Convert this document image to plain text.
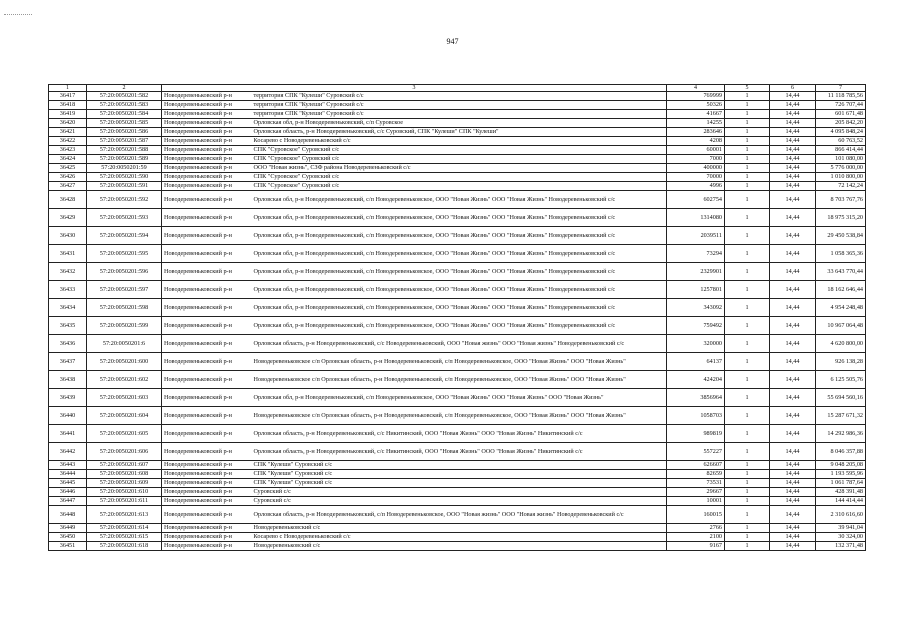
947
1	2	3	4	5	6	7
36417	57:20:0050201:582	Новодеревеньковский р-н территория СПК "Кулеши" Суровский с/с	769999	1	14,44	11 118 785,56
36418	57:20:0050201:583	Новодеревеньковский р-н территория СПК "Кулеши" Суровский с/с	50326	1	14,44	726 707,44
36419	57:20:0050201:584	Новодеревеньковский р-н территория СПК "Кулеши" Суровский с/с	41667	1	14,44	601 671,48
36420	57:20:0050201:585	Новодеревеньковский р-н Орловская обл, р-н Новодеревеньковский, с/п Суровское	14255	1	14,44	205 842,20
36421	57:20:0050201:586	Новодеревеньковский р-н Орловская область, р-н Новодеревеньковский, с/с Суровский, СПК "Кулеши" СПК "Кулеши"	283646	1	14,44	4 095 848,24
36422	57:20:0050201:587	Новодеревеньковский р-н Косарево с Новодеревеньковский с/с	4208	1	14,44	60 763,52
36423	57:20:0050201:588	Новодеревеньковский р-н СПК "Суровское" Суровский с/с	60001	1	14,44	866 414,44
36424	57:20:0050201:589	Новодеревеньковский р-н СПК "Суровское" Суровский с/с	7000	1	14,44	101 080,00
36425	57:20:0050201:59	Новодеревеньковский р-н ООО "Новая жизнь", СЗФ района Новодеревеньковский с/с	400000	1	14,44	5 776 000,00
36426	57:20:0050201:590	Новодеревеньковский р-н СПК "Суровское" Суровский с/с	70000	1	14,44	1 010 800,00
36427	57:20:0050201:591	Новодеревеньковский р-н СПК "Суровское" Суровский с/с	4996	1	14,44	72 142,24
36428	57:20:0050201:592	Новодеревеньковский р-н Орловская обл, р-н Новодеревеньковский, с/п Новодеревеньковское, ООО "Новая Жизнь" ООО "Новая Жизнь" Новодеревеньковский с/с	602754	1	14,44	8 703 767,76
36429	57:20:0050201:593	Новодеревеньковский р-н Орловская обл, р-н Новодеревеньковский, с/п Новодеревеньковское, ООО "Новая Жизнь" ООО "Новая Жизнь" Новодеревеньковский с/с	1314080	1	14,44	18 975 315,20
36430	57:20:0050201:594	Новодеревеньковский р-н Орловская обл, р-н Новодеревеньковский, с/п Новодеревеньковское, ООО "Новая Жизнь" ООО "Новая Жизнь" Новодеревеньковский с/с	2039511	1	14,44	29 450 538,84
36431	57:20:0050201:595	Новодеревеньковский р-н Орловская обл, р-н Новодеревеньковский, с/п Новодеревеньковское, ООО "Новая Жизнь" ООО "Новая Жизнь" Новодеревеньковский с/с	73294	1	14,44	1 058 365,36
36432	57:20:0050201:596	Новодеревеньковский р-н Орловская обл, р-н Новодеревеньковский, с/п Новодеревеньковское, ООО "Новая Жизнь" ООО "Новая Жизнь" Новодеревеньковский с/с	2329901	1	14,44	33 643 770,44
36433	57:20:0050201:597	Новодеревеньковский р-н Орловская обл, р-н Новодеревеньковский, с/п Новодеревеньковское, ООО "Новая Жизнь" ООО "Новая Жизнь" Новодеревеньковский с/с	1257801	1	14,44	18 162 646,44
36434	57:20:0050201:598	Новодеревеньковский р-н Орловская обл, р-н Новодеревеньковский, с/п Новодеревеньковское, ООО "Новая Жизнь" ООО "Новая Жизнь" Новодеревеньковский с/с	343092	1	14,44	4 954 248,48
36435	57:20:0050201:599	Новодеревеньковский р-н Орловская обл, р-н Новодеревеньковский, с/п Новодеревеньковское, ООО "Новая Жизнь" ООО "Новая Жизнь" Новодеревеньковский с/с	759492	1	14,44	10 967 064,48
36436	57:20:0050201:6	Новодеревеньковский р-н Орловская область, р-н Новодеревеньковский, с/с Новодеревеньковский, ООО "Новая жизнь" ООО "Новая жизнь" Новодеревеньковский с/с	320000	1	14,44	4 620 800,00
36437	57:20:0050201:600	Новодеревеньковский р-н Новодеревеньковское с/п Орловская область, р-н Новодеревеньковский, с/п Новодеревеньковское, ООО "Новая Жизнь" ООО "Новая Жизнь"	64137	1	14,44	926 138,28
36438	57:20:0050201:602	Новодеревеньковский р-н Новодеревеньковское с/п Орловская область, р-н Новодеревеньковский, с/п Новодеревеньковское, ООО "Новая Жизнь" ООО "Новая Жизнь"	424204	1	14,44	6 125 505,76
36439	57:20:0050201:603	Новодеревеньковский р-н Орловская обл, р-н Новодеревеньковский, с/п Новодеревеньковское, ООО "Новая Жизнь" ООО "Новая Жизнь" ООО "Новая Жизнь"	3856964	1	14,44	55 694 560,16
36440	57:20:0050201:604	Новодеревеньковский р-н Новодеревеньковское с/п Орловская область, р-н Новодеревеньковский, с/п Новодеревеньковское, ООО "Новая Жизнь" ООО "Новая Жизнь"	1058703	1	14,44	15 287 671,32
36441	57:20:0050201:605	Новодеревеньковский р-н Орловская область, р-н Новодеревеньковский, с/с Никитинский, ООО "Новая Жизнь" ООО "Новая Жизнь" Никитинский с/с	989819	1	14,44	14 292 986,36
36442	57:20:0050201:606	Новодеревеньковский р-н Орловская область, р-н Новодеревеньковский, с/с Никитинский, ООО "Новая Жизнь" ООО "Новая Жизнь" Никитинский с/с	557227	1	14,44	8 046 357,88
36443	57:20:0050201:607	Новодеревеньковский р-н СПК "Кулеши" Суровский с/с	626607	1	14,44	9 048 205,08
36444	57:20:0050201:608	Новодеревеньковский р-н СПК "Кулеши" Суровский с/с	82659	1	14,44	1 193 595,96
36445	57:20:0050201:609	Новодеревеньковский р-н СПК "Кулеши" Суровский с/с	73531	1	14,44	1 061 787,64
36446	57:20:0050201:610	Новодеревеньковский р-н Суровский с/с	29667	1	14,44	428 391,48
36447	57:20:0050201:611	Новодеревеньковский р-н Суровский с/с	10001	1	14,44	144 414,44
36448	57:20:0050201:613	Новодеревеньковский р-н Орловская область, р-н Новодеревеньковский, с/п Новодеревеньковское, ООО "Новая жизнь" ООО "Новая жизнь" Новодеревеньковский с/с	160015	1	14,44	2 310 616,60
36449	57:20:0050201:614	Новодеревеньковский р-н Новодеревеньковский с/с	2766	1	14,44	39 941,04
36450	57:20:0050201:615	Новодеревеньковский р-н Косарево с Новодеревеньковский с/с	2100	1	14,44	30 324,00
36451	57:20:0050201:618	Новодеревеньковский р-н Новодеревеньковский с/с	9167	1	14,44	132 371,48
